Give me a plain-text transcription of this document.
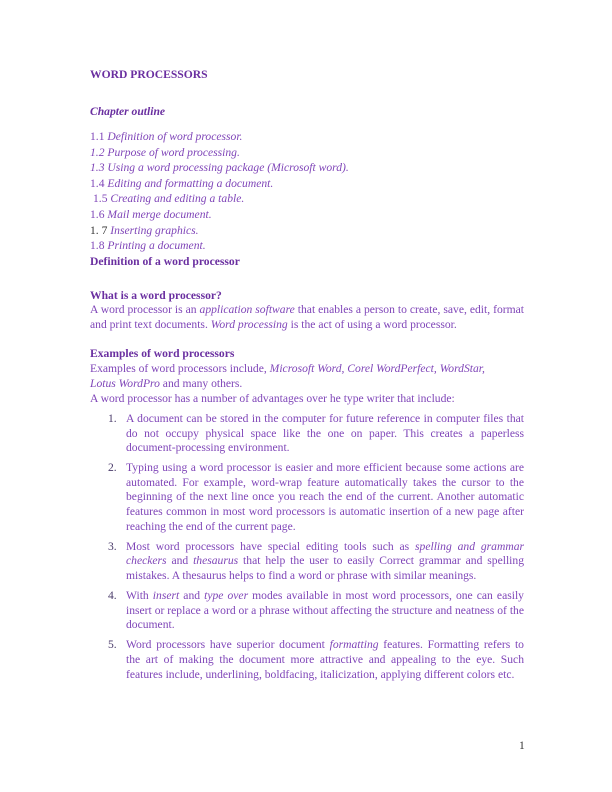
WORD PROCESSORS
Chapter outline
1.1 Definition of word processor.
1.2 Purpose of word processing.
1.3 Using a word processing package (Microsoft word).
1.4 Editing and formatting a document.
1.5 Creating and editing a table.
1.6 Mail merge document.
1. 7 Inserting graphics.
1.8 Printing a document.
Definition of a word processor
What is a word processor?
A word processor is an application software that enables a person to create, save, edit, format and print text documents. Word processing is the act of using a word processor.
Examples of word processors
Examples of word processors include, Microsoft Word, Corel WordPerfect, WordStar, Lotus WordPro and many others.
A word processor has a number of advantages over he type writer that include:
1. A document can be stored in the computer for future reference in computer files that do not occupy physical space like the one on paper. This creates a paperless document-processing environment.
2. Typing using a word processor is easier and more efficient because some actions are automated. For example, word-wrap feature automatically takes the cursor to the beginning of the next line once you reach the end of the current. Another automatic features common in most word processors is automatic insertion of a new page after reaching the end of the current page.
3. Most word processors have special editing tools such as spelling and grammar checkers and thesaurus that help the user to easily Correct grammar and spelling mistakes. A thesaurus helps to find a word or phrase with similar meanings.
4. With insert and type over modes available in most word processors, one can easily insert or replace a word or a phrase without affecting the structure and neatness of the document.
5. Word processors have superior document formatting features. Formatting refers to the art of making the document more attractive and appealing to the eye. Such features include, underlining, boldfacing, italicization, applying different colors etc.
1
